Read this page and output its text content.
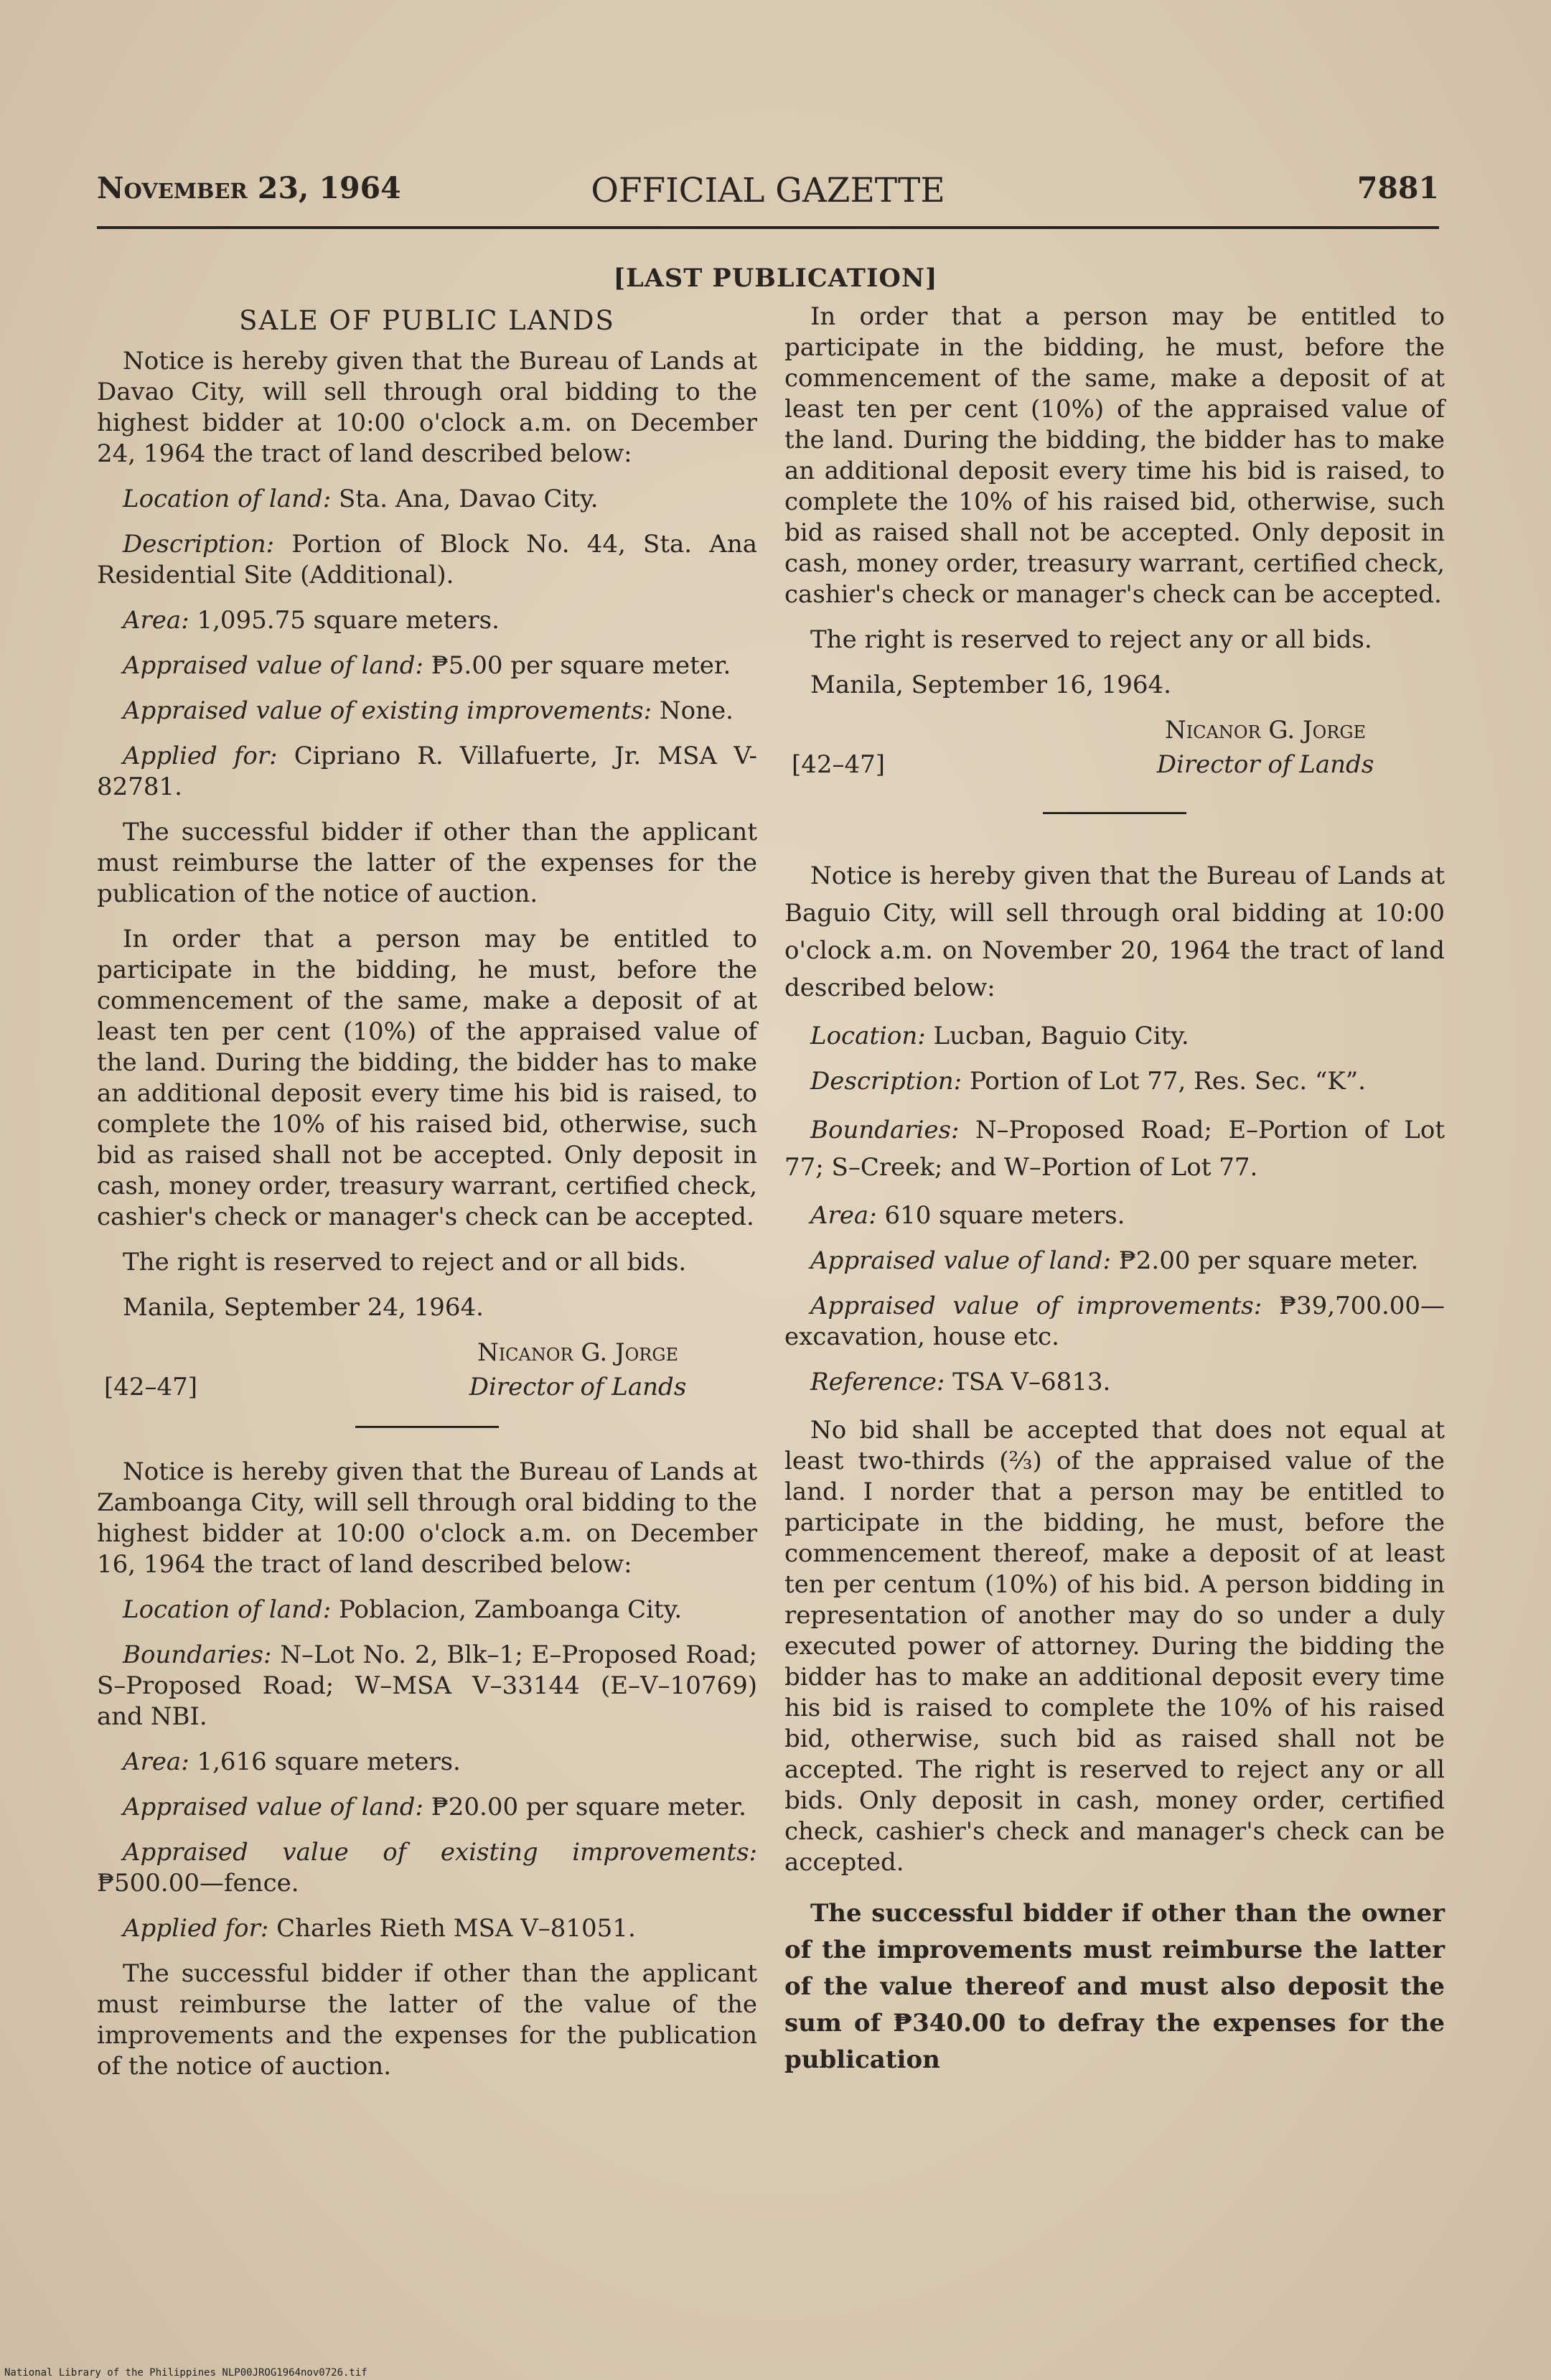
November 23, 1964	OFFICIAL GAZETTE	7881
[LAST PUBLICATION]

SALE OF PUBLIC LANDS

Notice is hereby given that the Bureau of Lands at Davao City, will sell through oral bidding to the highest bidder at 10:00 o'clock a.m. on December 24, 1964 the tract of land described below:

Location of land: Sta. Ana, Davao City.

Description: Portion of Block No. 44, Sta. Ana Residential Site (Additional).

Area: 1,095.75 square meters.

Appraised value of land: ₱5.00 per square meter.

Appraised value of existing improvements: None.

Applied for: Cipriano R. Villafuerte, Jr. MSA V-82781.

The successful bidder if other than the applicant must reimburse the latter of the expenses for the publication of the notice of auction.

In order that a person may be entitled to participate in the bidding, he must, before the commencement of the same, make a deposit of at least ten per cent (10%) of the appraised value of the land. During the bidding, the bidder has to make an additional deposit every time his bid is raised, to complete the 10% of his raised bid, otherwise, such bid as raised shall not be accepted. Only deposit in cash, money order, treasury warrant, certified check, cashier's check or manager's check can be accepted.

The right is reserved to reject and or all bids.

Manila, September 24, 1964.

[42–47]
Nicanor G. Jorge
Director of Lands

Notice is hereby given that the Bureau of Lands at Zamboanga City, will sell through oral bidding to the highest bidder at 10:00 o'clock a.m. on December 16, 1964 the tract of land described below:

Location of land: Poblacion, Zamboanga City.

Boundaries: N–Lot No. 2, Blk–1; E–Proposed Road; S–Proposed Road; W–MSA V–33144 (E–V–10769) and NBI.

Area: 1,616 square meters.

Appraised value of land: ₱20.00 per square meter.

Appraised value of existing improvements: ₱500.00—fence.

Applied for: Charles Rieth MSA V–81051.

The successful bidder if other than the applicant must reimburse the latter of the value of the improvements and the expenses for the publication of the notice of auction.

In order that a person may be entitled to participate in the bidding, he must, before the commencement of the same, make a deposit of at least ten per cent (10%) of the appraised value of the land. During the bidding, the bidder has to make an additional deposit every time his bid is raised, to complete the 10% of his raised bid, otherwise, such bid as raised shall not be accepted. Only deposit in cash, money order, treasury warrant, certified check, cashier's check or manager's check can be accepted.

The right is reserved to reject any or all bids.

Manila, September 16, 1964.

[42–47]
Nicanor G. Jorge
Director of Lands

Notice is hereby given that the Bureau of Lands at Baguio City, will sell through oral bidding at 10:00 o'clock a.m. on November 20, 1964 the tract of land described below:

Location: Lucban, Baguio City.

Description: Portion of Lot 77, Res. Sec. “K”.

Boundaries: N–Proposed Road; E–Portion of Lot 77; S–Creek; and W–Portion of Lot 77.

Area: 610 square meters.

Appraised value of land: ₱2.00 per square meter.

Appraised value of improvements: ₱39,700.00—excavation, house etc.

Reference: TSA V–6813.

No bid shall be accepted that does not equal at least two-thirds (⅔) of the appraised value of the land. I norder that a person may be entitled to participate in the bidding, he must, before the commencement thereof, make a deposit of at least ten per centum (10%) of his bid. A person bidding in representation of another may do so under a duly executed power of attorney. During the bidding the bidder has to make an additional deposit every time his bid is raised to complete the 10% of his raised bid, otherwise, such bid as raised shall not be accepted. The right is reserved to reject any or all bids. Only deposit in cash, money order, certified check, cashier's check and manager's check can be accepted.

The successful bidder if other than the owner of the improvements must reimburse the latter of the value thereof and must also deposit the sum of ₱340.00 to defray the expenses for the publication

National Library of the Philippines NLP00JROG1964nov0726.tif
